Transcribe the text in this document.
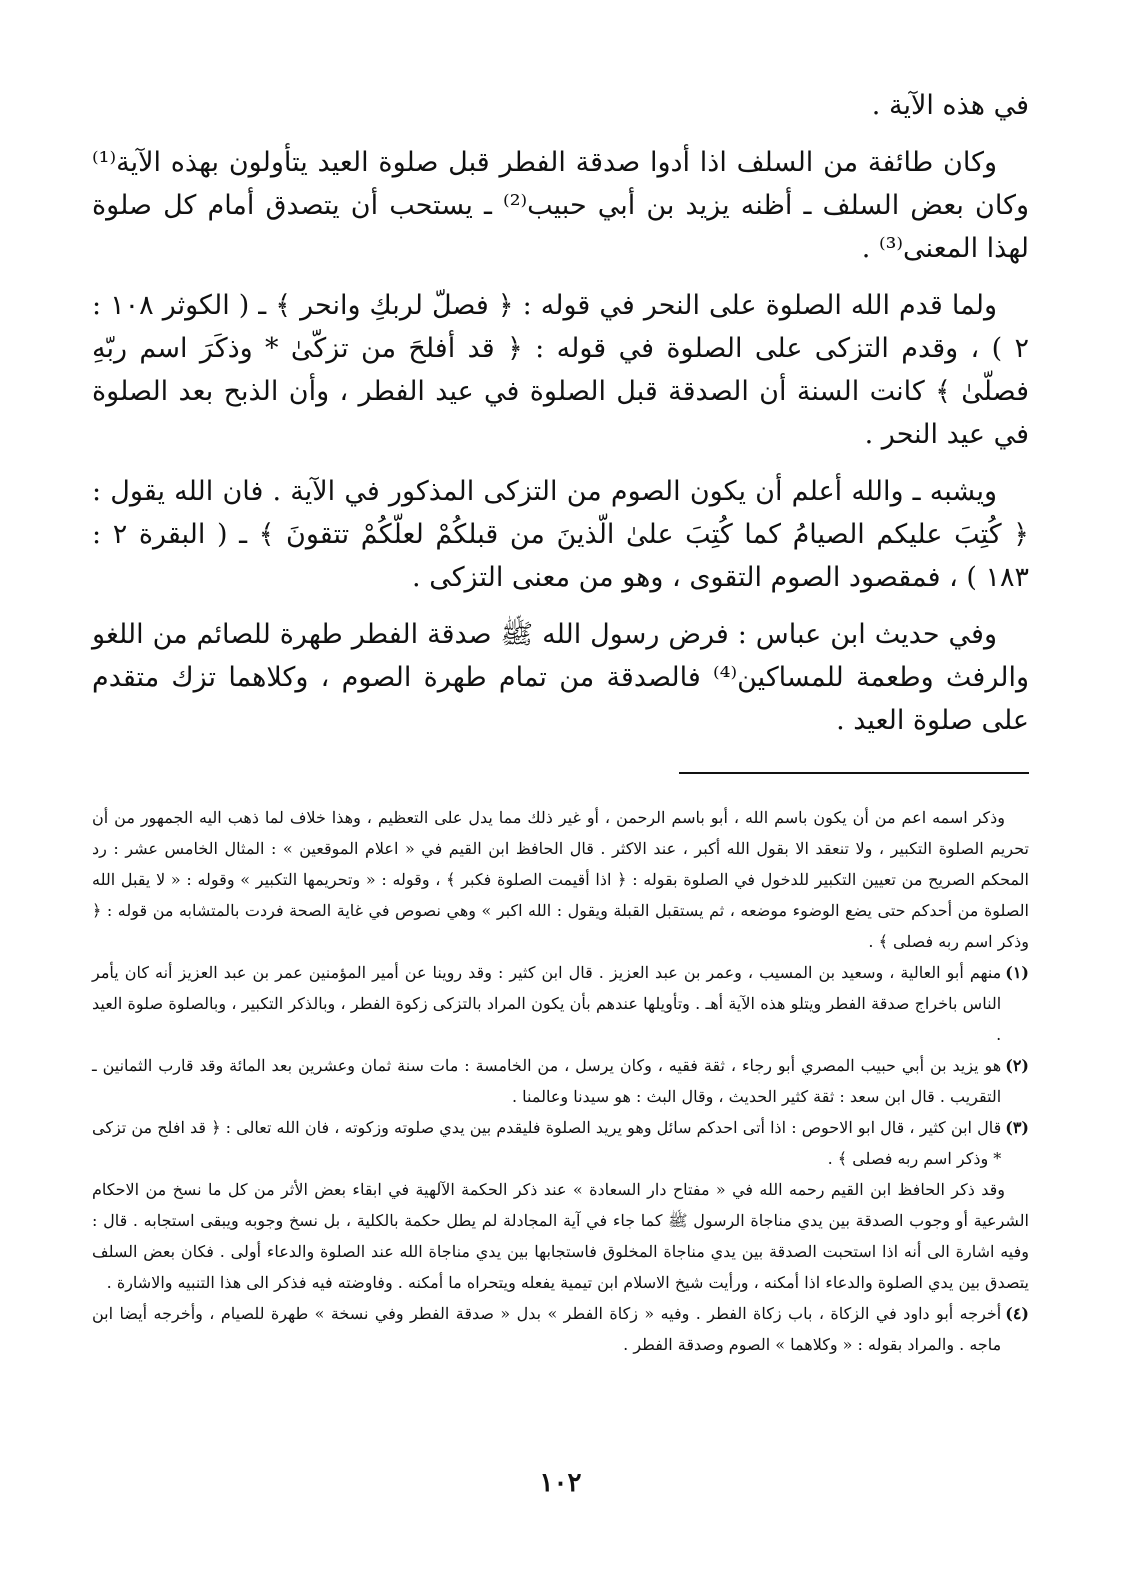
في هذه الآية .

وكان طائفة من السلف اذا أدوا صدقة الفطر قبل صلوة العيد يتأولون بهذه الآية⁽¹⁾ وكان بعض السلف ـ أظنه يزيد بن أبي حبيب⁽²⁾ ـ يستحب أن يتصدق أمام كل صلوة لهذا المعنى⁽³⁾ .

ولما قدم الله الصلوة على النحر في قوله : ﴿ فصلّ لربكِ وانحر ﴾ ـ ( الكوثر ١٠٨ : ٢ ) ، وقدم التزكى على الصلوة في قوله : ﴿ قد أفلحَ من تزكّىٰ * وذكَرَ اسم ربّهِ فصلّىٰ ﴾ كانت السنة أن الصدقة قبل الصلوة في عيد الفطر ، وأن الذبح بعد الصلوة في عيد النحر .

ويشبه ـ والله أعلم أن يكون الصوم من التزكى المذكور في الآية . فان الله يقول : ﴿ كُتِبَ عليكم الصيامُ كما كُتِبَ علىٰ الّذينَ من قبلكُمْ لعلّكُمْ تتقونَ ﴾ ـ ( البقرة ٢ : ١٨٣ ) ، فمقصود الصوم التقوى ، وهو من معنى التزكى .

وفي حديث ابن عباس : فرض رسول الله ﷺ صدقة الفطر طهرة للصائم من اللغو والرفث وطعمة للمساكين⁽⁴⁾ فالصدقة من تمام طهرة الصوم ، وكلاهما تزك متقدم على صلوة العيد .

وذكر اسمه اعم من أن يكون باسم الله ، أبو باسم الرحمن ، أو غير ذلك مما يدل على التعظيم ، وهذا خلاف لما ذهب اليه الجمهور من أن تحريم الصلوة التكبير ، ولا تنعقد الا بقول الله أكبر ، عند الاكثر . قال الحافظ ابن القيم في « اعلام الموقعين » : المثال الخامس عشر : رد المحكم الصريح من تعيين التكبير للدخول في الصلوة بقوله : ﴿ اذا أقيمت الصلوة فكبر ﴾ ، وقوله : « وتحريمها التكبير » وقوله : « لا يقبل الله الصلوة من أحدكم حتى يضع الوضوء موضعه ، ثم يستقبل القبلة ويقول : الله اكبر » وهي نصوص في غاية الصحة فردت بالمتشابه من قوله : ﴿ وذكر اسم ربه فصلى ﴾ .

(١)
منهم أبو العالية ، وسعيد بن المسيب ، وعمر بن عبد العزيز . قال ابن كثير : وقد روينا عن أمير المؤمنين عمر بن عبد العزيز أنه كان يأمر الناس باخراج صدقة الفطر ويتلو هذه الآية أهـ . وتأويلها عندهم بأن يكون المراد بالتزكى زكوة الفطر ، وبالذكر التكبير ، وبالصلوة صلوة العيد .
(٢)
هو يزيد بن أبي حبيب المصري أبو رجاء ، ثقة فقيه ، وكان يرسل ، من الخامسة : مات سنة ثمان وعشرين بعد المائة وقد قارب الثمانين ـ التقريب . قال ابن سعد : ثقة كثير الحديث ، وقال البث : هو سيدنا وعالمنا .
(٣)
قال ابن كثير ، قال ابو الاحوص : اذا أتى احدكم سائل وهو يريد الصلوة فليقدم بين يدي صلوته وزكوته ، فان الله تعالى : ﴿ قد افلح من تزكى * وذكر اسم ربه فصلى ﴾ .

وقد ذكر الحافظ ابن القيم رحمه الله في « مفتاح دار السعادة » عند ذكر الحكمة الآلهية في ابقاء بعض الأثر من كل ما نسخ من الاحكام الشرعية أو وجوب الصدقة بين يدي مناجاة الرسول ﷺ كما جاء في آية المجادلة لم يطل حكمة بالكلية ، بل نسخ وجوبه ويبقى استجابه . قال : وفيه اشارة الى أنه اذا استحبت الصدقة بين يدي مناجاة المخلوق فاستجابها بين يدي مناجاة الله عند الصلوة والدعاء أولى . فكان بعض السلف يتصدق بين يدي الصلوة والدعاء اذا أمكنه ، ورأيت شيخ الاسلام ابن تيمية يفعله ويتحراه ما أمكنه . وفاوضته فيه فذكر الى هذا التنبيه والاشارة .

(٤)
أخرجه أبو داود في الزكاة ، باب زكاة الفطر . وفيه « زكاة الفطر » بدل « صدقة الفطر وفي نسخة » طهرة للصيام ، وأخرجه أيضا ابن ماجه . والمراد بقوله : « وكلاهما » الصوم وصدقة الفطر .
١٠٢
